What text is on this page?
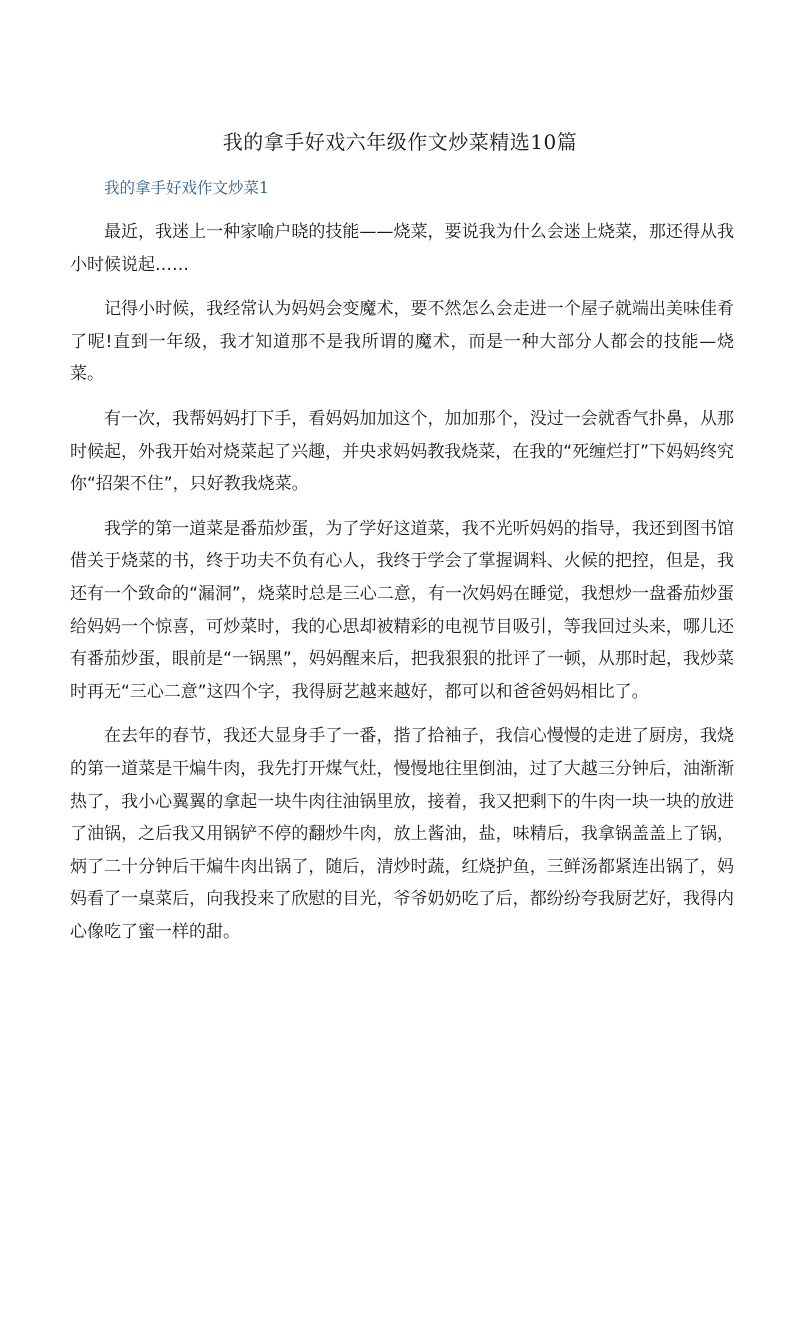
我的拿手好戏六年级作文炒菜精选10篇
我的拿手好戏作文炒菜1

最近，我迷上一种家喻户晓的技能——烧菜，要说我为什么会迷上烧菜，那还得从我小时候说起……

记得小时候，我经常认为妈妈会变魔术，要不然怎么会走进一个屋子就端出美味佳肴了呢!直到一年级，我才知道那不是我所谓的魔术，而是一种大部分人都会的技能—烧菜。

有一次，我帮妈妈打下手，看妈妈加加这个，加加那个，没过一会就香气扑鼻，从那时候起，外我开始对烧菜起了兴趣，并央求妈妈教我烧菜，在我的“死缠烂打”下妈妈终究你“招架不住”，只好教我烧菜。

我学的第一道菜是番茄炒蛋，为了学好这道菜，我不光听妈妈的指导，我还到图书馆借关于烧菜的书，终于功夫不负有心人，我终于学会了掌握调料、火候的把控，但是，我还有一个致命的“漏洞”，烧菜时总是三心二意，有一次妈妈在睡觉，我想炒一盘番茄炒蛋给妈妈一个惊喜，可炒菜时，我的心思却被精彩的电视节目吸引，等我回过头来，哪儿还有番茄炒蛋，眼前是“一锅黑”，妈妈醒来后，把我狠狠的批评了一顿，从那时起，我炒菜时再无“三心二意”这四个字，我得厨艺越来越好，都可以和爸爸妈妈相比了。

在去年的春节，我还大显身手了一番，揩了拾袖子，我信心慢慢的走进了厨房，我烧的第一道菜是干煸牛肉，我先打开煤气灶，慢慢地往里倒油，过了大越三分钟后，油渐渐热了，我小心翼翼的拿起一块牛肉往油锅里放，接着，我又把剩下的牛肉一块一块的放进了油锅，之后我又用锅铲不停的翻炒牛肉，放上酱油，盐，味精后，我拿锅盖盖上了锅，炳了二十分钟后干煸牛肉出锅了，随后，清炒时蔬，红烧护鱼，三鲜汤都紧连出锅了，妈妈看了一桌菜后，向我投来了欣慰的目光，爷爷奶奶吃了后，都纷纷夸我厨艺好，我得内心像吃了蜜一样的甜。
